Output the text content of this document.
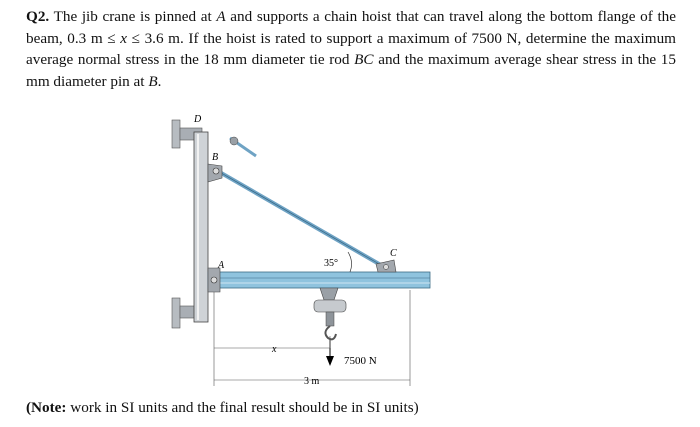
Q2. The jib crane is pinned at A and supports a chain hoist that can travel along the bottom flange of the beam, 0.3 m ≤ x ≤ 3.6 m. If the hoist is rated to support a maximum of 7500 N, determine the maximum average normal stress in the 18 mm diameter tie rod BC and the maximum average shear stress in the 15 mm diameter pin at B.
D
B
A
C
35°
x
7500 N
3 m
(Note: work in SI units and the final result should be in SI units)
